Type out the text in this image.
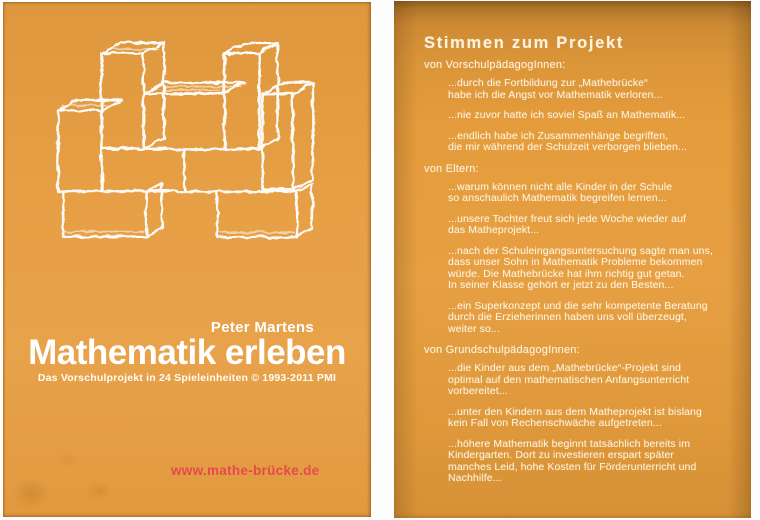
Peter Martens
Mathematik erleben
Das Vorschulprojekt in 24 Spieleinheiten © 1993-2011 PMI
www.mathe-brücke.de
Stimmen zum Projekt
von VorschulpädagogInnen:
...durch die Fortbildung zur „Mathebrücke“
habe ich die Angst vor Mathematik verloren...
...nie zuvor hatte ich soviel Spaß an Mathematik...
...endlich habe ich Zusammenhänge begriffen,
die mir während der Schulzeit verborgen blieben...
von Eltern:
...warum können nicht alle Kinder in der Schule
so anschaulich Mathematik begreifen lernen...
...unsere Tochter freut sich jede Woche wieder auf
das Matheprojekt...
...nach der Schuleingangsuntersuchung sagte man uns,
dass unser Sohn in Mathematik Probleme bekommen
würde. Die Mathebrücke hat ihm richtig gut getan.
In seiner Klasse gehört er jetzt zu den Besten...
...ein Superkonzept und die sehr kompetente Beratung
durch die Erzieherinnen haben uns voll überzeugt,
weiter so...
von GrundschulpädagogInnen:
...die Kinder aus dem „Mathebrücke“-Projekt sind
optimal auf den mathematischen Anfangsunterricht
vorbereitet...
...unter den Kindern aus dem Matheprojekt ist bislang
kein Fall von Rechenschwäche aufgetreten...
...höhere Mathematik beginnt tatsächlich bereits im
Kindergarten. Dort zu investieren erspart später
manches Leid, hohe Kosten für Förderunterricht und
Nachhilfe...
